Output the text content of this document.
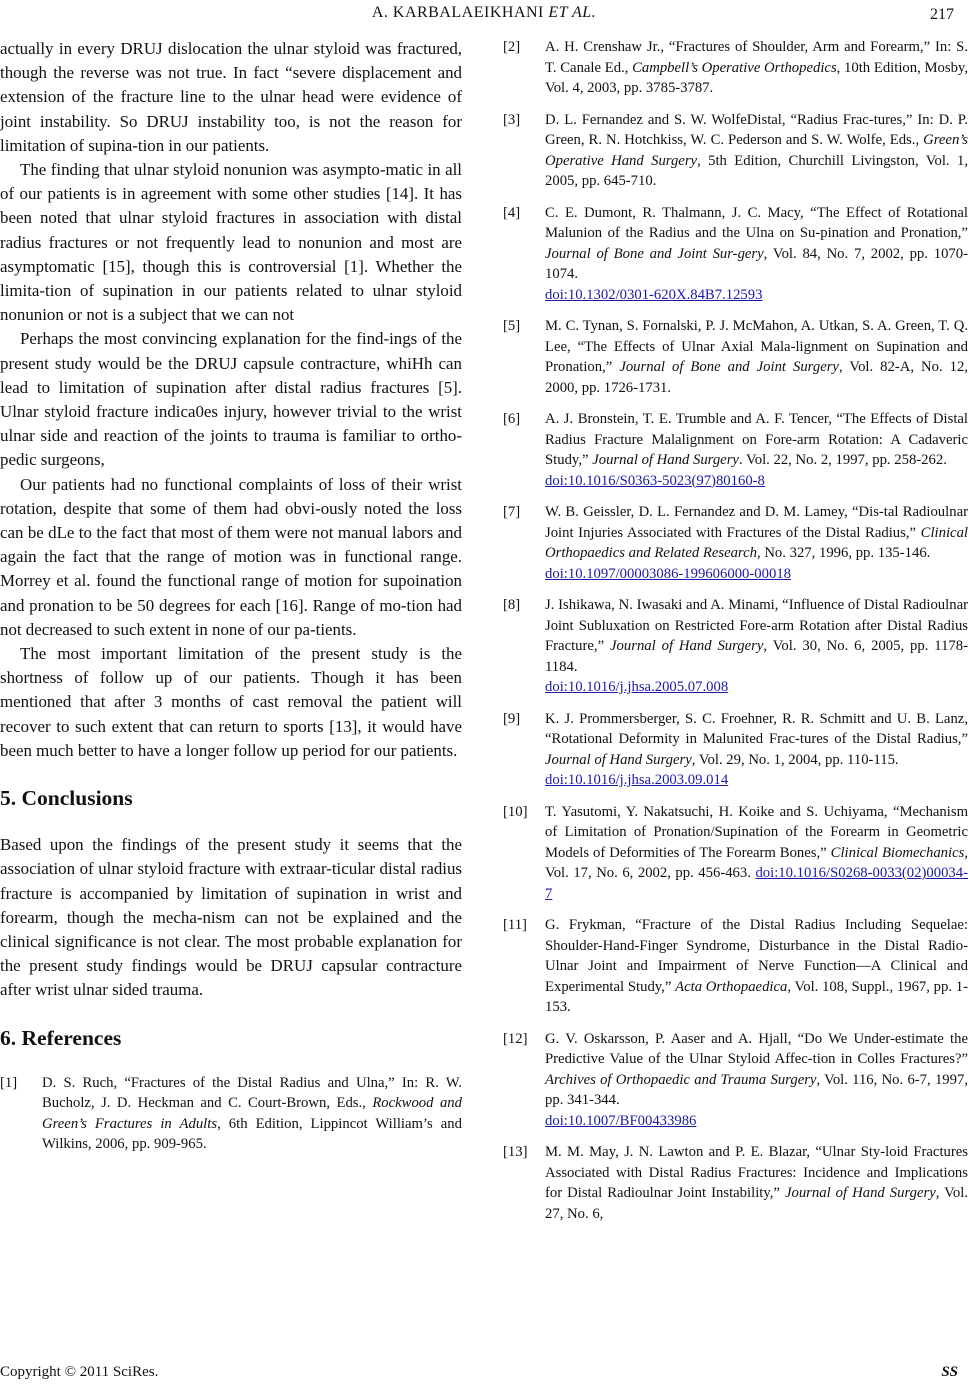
A. KARBALAEIKHANI ET AL.	217

actually in every DRUJ dislocation the ulnar styloid was fractured, though the reverse was not true. In fact “severe displacement and extension of the fracture line to the ulnar head were evidence of joint instability. So DRUJ instability too, is not the reason for limitation of supina-tion in our patients.

The finding that ulnar styloid nonunion was asympto-matic in all of our patients is in agreement with some other studies [14]. It has been noted that ulnar styloid fractures in association with distal radius fractures or not frequently lead to nonunion and most are asymptomatic [15], though this is controversial [1]. Whether the limita-tion of supination in our patients related to ulnar styloid nonunion or not is a subject that we can not

Perhaps the most convincing explanation for the find-ings of the present study would be the DRUJ capsule contracture, whiHh can lead to limitation of supination after distal radius fractures [5]. Ulnar styloid fracture indica0es injury, however trivial to the wrist ulnar side and reaction of the joints to trauma is familiar to ortho-pedic surgeons,

Our patients had no functional complaints of loss of their wrist rotation, despite that some of them had obvi-ously noted the loss can be dLe to the fact that most of them were not manual labors and again the fact that the range of motion was in functional range. Morrey et al. found the functional range of motion for supoination and pronation to be 50 degrees for each [16]. Range of mo-tion had not decreased to such extent in none of our pa-tients.

The most important limitation of the present study is the shortness of follow up of our patients. Though it has been mentioned that after 3 months of cast removal the patient will recover to such extent that can return to sports [13], it would have been much better to have a longer follow up period for our patients.

5. Conclusions

Based upon the findings of the present study it seems that the association of ulnar styloid fracture with extraar-ticular distal radius fracture is accompanied by limitation of supination in wrist and forearm, though the mecha-nism can not be explained and the clinical significance is not clear. The most probable explanation for the present study findings would be DRUJ capsular contracture after wrist ulnar sided trauma.

6. References
[1] D. S. Ruch, “Fractures of the Distal Radius and Ulna,” In: R. W. Bucholz, J. D. Heckman and C. Court-Brown, Eds., Rockwood and Green’s Fractures in Adults, 6th Edition, Lippincot William’s and Wilkins, 2006, pp. 909-965.
[2] A. H. Crenshaw Jr., “Fractures of Shoulder, Arm and Forearm,” In: S. T. Canale Ed., Campbell’s Operative Orthopedics, 10th Edition, Mosby, Vol. 4, 2003, pp. 3785-3787.
[3] D. L. Fernandez and S. W. WolfeDistal, “Radius Frac-tures,” In: D. P. Green, R. N. Hotchkiss, W. C. Pederson and S. W. Wolfe, Eds., Green’s Operative Hand Surgery, 5th Edition, Churchill Livingston, Vol. 1, 2005, pp. 645-710.
[4] C. E. Dumont, R. Thalmann, J. C. Macy, “The Effect of Rotational Malunion of the Radius and the Ulna on Su-pination and Pronation,” Journal of Bone and Joint Sur-gery, Vol. 84, No. 7, 2002, pp. 1070-1074.
doi:10.1302/0301-620X.84B7.12593
[5] M. C. Tynan, S. Fornalski, P. J. McMahon, A. Utkan, S. A. Green, T. Q. Lee, “The Effects of Ulnar Axial Mala-lignment on Supination and Pronation,” Journal of Bone and Joint Surgery, Vol. 82-A, No. 12, 2000, pp. 1726-1731.
[6] A. J. Bronstein, T. E. Trumble and A. F. Tencer, “The Effects of Distal Radius Fracture Malalignment on Fore-arm Rotation: A Cadaveric Study,” Journal of Hand Surgery. Vol. 22, No. 2, 1997, pp. 258-262.
doi:10.1016/S0363-5023(97)80160-8
[7] W. B. Geissler, D. L. Fernandez and D. M. Lamey, “Dis-tal Radioulnar Joint Injuries Associated with Fractures of the Distal Radius,” Clinical Orthopaedics and Related Research, No. 327, 1996, pp. 135-146.
doi:10.1097/00003086-199606000-00018
[8] J. Ishikawa, N. Iwasaki and A. Minami, “Influence of Distal Radioulnar Joint Subluxation on Restricted Fore-arm Rotation after Distal Radius Fracture,” Journal of Hand Surgery, Vol. 30, No. 6, 2005, pp. 1178-1184.
doi:10.1016/j.jhsa.2005.07.008
[9] K. J. Prommersberger, S. C. Froehner, R. R. Schmitt and U. B. Lanz, “Rotational Deformity in Malunited Frac-tures of the Distal Radius,” Journal of Hand Surgery, Vol. 29, No. 1, 2004, pp. 110-115.
doi:10.1016/j.jhsa.2003.09.014
[10] T. Yasutomi, Y. Nakatsuchi, H. Koike and S. Uchiyama, “Mechanism of Limitation of Pronation/Supination of the Forearm in Geometric Models of Deformities of The Forearm Bones,” Clinical Biomechanics, Vol. 17, No. 6, 2002, pp. 456-463. doi:10.1016/S0268-0033(02)00034-7
[11] G. Frykman, “Fracture of the Distal Radius Including Sequelae: Shoulder-Hand-Finger Syndrome, Disturbance in the Distal Radio-Ulnar Joint and Impairment of Nerve Function—A Clinical and Experimental Study,” Acta Orthopaedica, Vol. 108, Suppl., 1967, pp. 1-153.
[12] G. V. Oskarsson, P. Aaser and A. Hjall, “Do We Under-estimate the Predictive Value of the Ulnar Styloid Affec-tion in Colles Fractures?” Archives of Orthopaedic and Trauma Surgery, Vol. 116, No. 6-7, 1997, pp. 341-344.
doi:10.1007/BF00433986
[13] M. M. May, J. N. Lawton and P. E. Blazar, “Ulnar Sty-loid Fractures Associated with Distal Radius Fractures: Incidence and Implications for Distal Radioulnar Joint Instability,” Journal of Hand Surgery, Vol. 27, No. 6,
Copyright © 2011 SciRes.	SS
